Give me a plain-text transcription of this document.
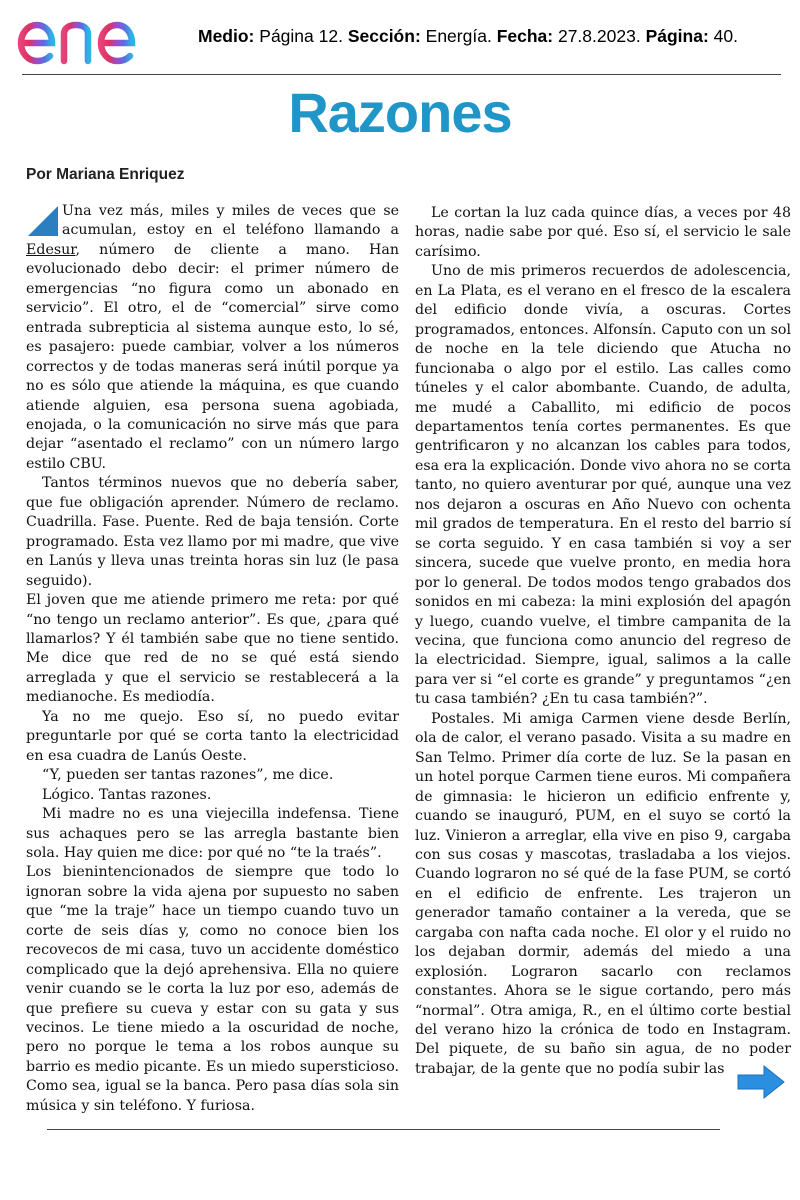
Medio: Página 12. Sección: Energía. Fecha: 27.8.2023. Página: 40.
Razones
Por Mariana Enriquez

Una vez más, miles y miles de veces que se acumulan, estoy en el teléfono llamando a Edesur, número de cliente a mano. Han evolucionado debo decir: el primer número de emergencias “no figura como un abonado en servicio”. El otro, el de “comercial” sirve como entrada subrepticia al sistema aunque esto, lo sé, es pasajero: puede cambiar, volver a los números correctos y de todas maneras será inútil porque ya no es sólo que atiende la máquina, es que cuando atiende alguien, esa persona suena agobiada, enojada, o la comunicación no sirve más que para dejar “asentado el reclamo” con un número largo estilo CBU.

Tantos términos nuevos que no debería saber, que fue obligación aprender. Número de reclamo. Cuadrilla. Fase. Puente. Red de baja tensión. Corte programado. Esta vez llamo por mi madre, que vive en Lanús y lleva unas treinta horas sin luz (le pasa seguido).

El joven que me atiende primero me reta: por qué “no tengo un reclamo anterior”. Es que, ¿para qué llamarlos? Y él también sabe que no tiene sentido. Me dice que red de no se qué está siendo arreglada y que el servicio se restablecerá a la medianoche. Es mediodía.

Ya no me quejo. Eso sí, no puedo evitar preguntarle por qué se corta tanto la electricidad en esa cuadra de Lanús Oeste.

“Y, pueden ser tantas razones”, me dice.

Lógico. Tantas razones.

Mi madre no es una viejecilla indefensa. Tiene sus achaques pero se las arregla bastante bien sola. Hay quien me dice: por qué no “te la traés”.

Los bienintencionados de siempre que todo lo ignoran sobre la vida ajena por supuesto no saben que “me la traje” hace un tiempo cuando tuvo un corte de seis días y, como no conoce bien los recovecos de mi casa, tuvo un accidente doméstico complicado que la dejó aprehensiva. Ella no quiere venir cuando se le corta la luz por eso, además de que prefiere su cueva y estar con su gata y sus vecinos. Le tiene miedo a la oscuridad de noche, pero no porque le tema a los robos aunque su barrio es medio picante. Es un miedo supersticioso. Como sea, igual se la banca. Pero pasa días sola sin música y sin teléfono. Y furiosa.

Le cortan la luz cada quince días, a veces por 48 horas, nadie sabe por qué. Eso sí, el servicio le sale carísimo.

Uno de mis primeros recuerdos de adolescencia, en La Plata, es el verano en el fresco de la escalera del edificio donde vivía, a oscuras. Cortes programados, entonces. Alfonsín. Caputo con un sol de noche en la tele diciendo que Atucha no funcionaba o algo por el estilo. Las calles como túneles y el calor abombante. Cuando, de adulta, me mudé a Caballito, mi edificio de pocos departamentos tenía cortes permanentes. Es que gentrificaron y no alcanzan los cables para todos, esa era la explicación. Donde vivo ahora no se corta tanto, no quiero aventurar por qué, aunque una vez nos dejaron a oscuras en Año Nuevo con ochenta mil grados de temperatura. En el resto del barrio sí se corta seguido. Y en casa también si voy a ser sincera, sucede que vuelve pronto, en media hora por lo general. De todos modos tengo grabados dos sonidos en mi cabeza: la mini explosión del apagón y luego, cuando vuelve, el timbre campanita de la vecina, que funciona como anuncio del regreso de la electricidad. Siempre, igual, salimos a la calle para ver si “el corte es grande” y preguntamos “¿en tu casa también? ¿En tu casa también?”.

Postales. Mi amiga Carmen viene desde Berlín, ola de calor, el verano pasado. Visita a su madre en San Telmo. Primer día corte de luz. Se la pasan en un hotel porque Carmen tiene euros. Mi compañera de gimnasia: le hicieron un edificio enfrente y, cuando se inauguró, PUM, en el suyo se cortó la luz. Vinieron a arreglar, ella vive en piso 9, cargaba con sus cosas y mascotas, trasladaba a los viejos. Cuando lograron no sé qué de la fase PUM, se cortó en el edificio de enfrente. Les trajeron un generador tamaño container a la vereda, que se cargaba con nafta cada noche. El olor y el ruido no los dejaban dormir, además del miedo a una explosión. Lograron sacarlo con reclamos constantes. Ahora se le sigue cortando, pero más “normal”. Otra amiga, R., en el último corte bestial del verano hizo la crónica de todo en Instagram. Del piquete, de su baño sin agua, de no poder trabajar, de la gente que no podía subir las
